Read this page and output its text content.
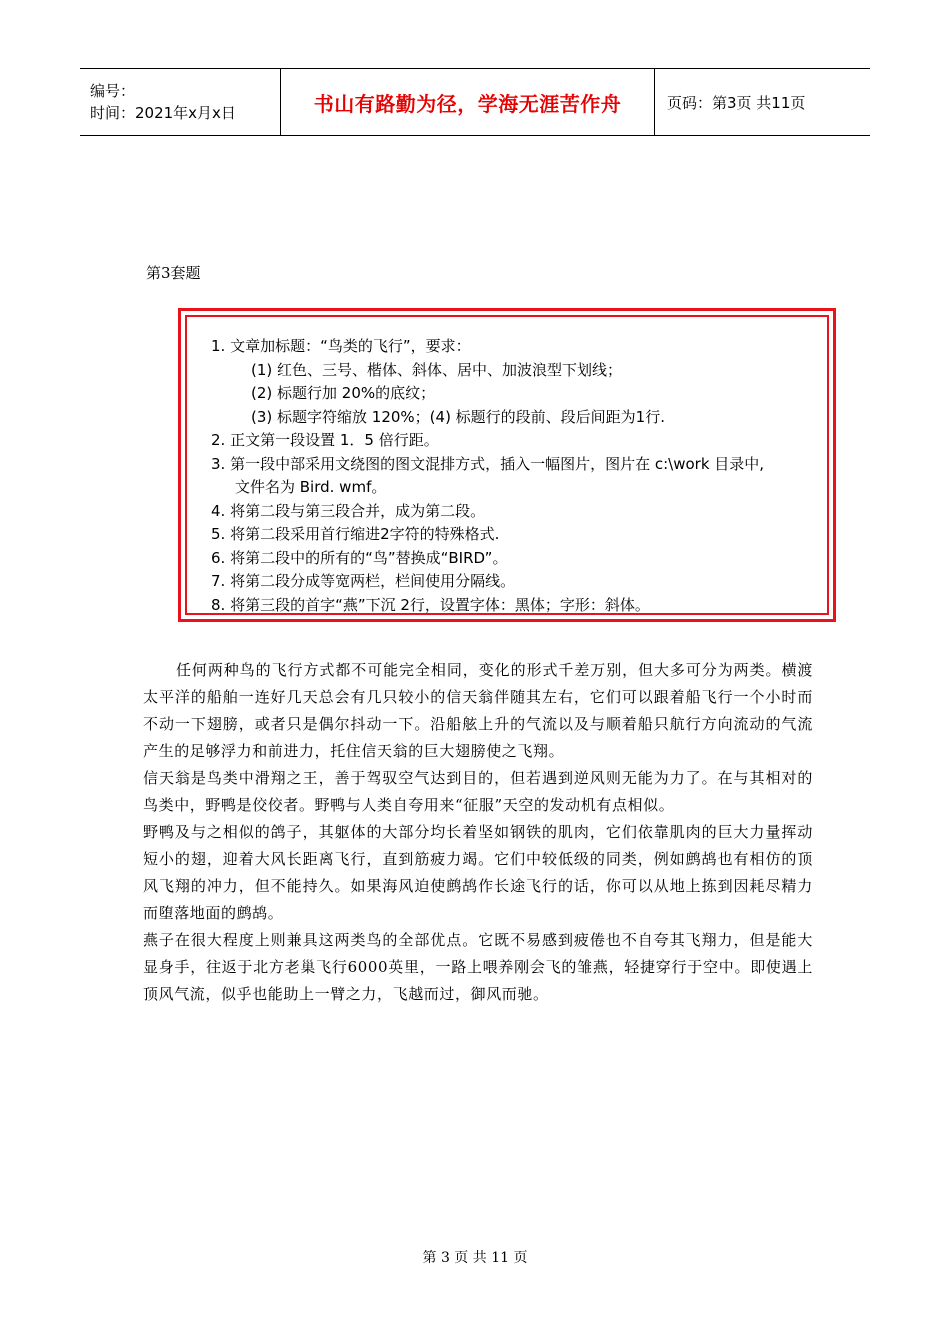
编号：
时间：2021年x月x日	书山有路勤为径，学海无涯苦作舟	页码：第3页 共11页
第3套题
1. 文章加标题：“鸟类的飞行”，要求：
(1) 红色、三号、楷体、斜体、居中、加波浪型下划线；
(2) 标题行加 20%的底纹；
(3) 标题字符缩放 120%；(4) 标题行的段前、段后间距为1行.
2. 正文第一段设置 1．5 倍行距。
3. 第一段中部采用文绕图的图文混排方式，插入一幅图片，图片在 c:\work 目录中,
文件名为 Bird. wmf。
4. 将第二段与第三段合并，成为第二段。
5. 将第二段采用首行缩进2字符的特殊格式.
6. 将第二段中的所有的“鸟”替换成“BIRD”。
7. 将第二段分成等宽两栏，栏间使用分隔线。
8. 将第三段的首字“燕”下沉 2行，设置字体：黑体；字形：斜体。

任何两种鸟的飞行方式都不可能完全相同，变化的形式千差万别，但大多可分为两类。横渡太平洋的船舶一连好几天总会有几只较小的信天翁伴随其左右，它们可以跟着船飞行一个小时而不动一下翅膀，或者只是偶尔抖动一下。沿船舷上升的气流以及与顺着船只航行方向流动的气流产生的足够浮力和前进力，托住信天翁的巨大翅膀使之飞翔。

信天翁是鸟类中滑翔之王，善于驾驭空气达到目的，但若遇到逆风则无能为力了。在与其相对的鸟类中，野鸭是佼佼者。野鸭与人类自夸用来“征服”天空的发动机有点相似。

野鸭及与之相似的鸽子，其躯体的大部分均长着坚如钢铁的肌肉，它们依靠肌肉的巨大力量挥动短小的翅，迎着大风长距离飞行，直到筋疲力竭。它们中较低级的同类，例如鹧鸪也有相仿的顶风飞翔的冲力，但不能持久。如果海风迫使鹧鸪作长途飞行的话，你可以从地上拣到因耗尽精力而堕落地面的鹧鸪。

燕子在很大程度上则兼具这两类鸟的全部优点。它既不易感到疲倦也不自夸其飞翔力，但是能大显身手，往返于北方老巢飞行6000英里，一路上喂养刚会飞的雏燕，轻捷穿行于空中。即使遇上顶风气流，似乎也能助上一臂之力，飞越而过，御风而驰。

第 3 页 共 11 页
